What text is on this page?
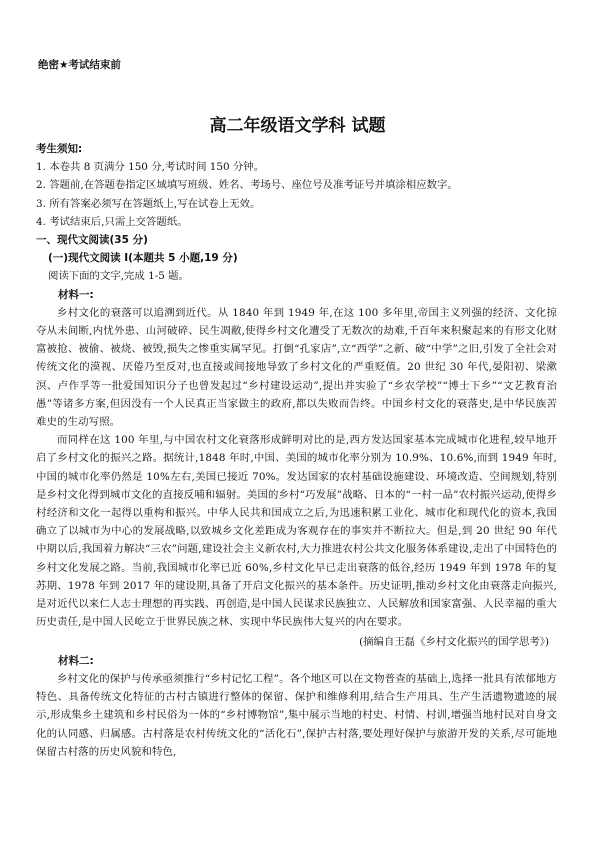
绝密★考试结束前
高二年级语文学科 试题
考生须知:
1. 本卷共 8 页满分 150 分,考试时间 150 分钟。
2. 答题前,在答题卷指定区域填写班级、姓名、考场号、座位号及准考证号并填涂相应数字。
3. 所有答案必须写在答题纸上,写在试卷上无效。
4. 考试结束后,只需上交答题纸。
一、现代文阅读(35 分)
(一)现代文阅读 I(本题共 5 小题,19 分)
阅读下面的文字,完成 1-5 题。
材料一:

乡村文化的衰落可以追溯到近代。从 1840 年到 1949 年,在这 100 多年里,帝国主义列强的经济、文化掠夺从未间断,内忧外患、山河破碎、民生凋敝,使得乡村文化遭受了无数次的劫难,千百年来积聚起来的有形文化财富被抢、被偷、被烧、被毁,损失之惨重实属罕见。打倒“孔家店”,立“西学”之新、破“中学”之旧,引发了全社会对传统文化的漠视、厌倦乃至反对,也直接或间接地导致了乡村文化的严重贬值。20 世纪 30 年代,晏阳初、梁漱溟、卢作孚等一批爱国知识分子也曾发起过“乡村建设运动”,提出并实验了“乡农学校”“博士下乡”“文艺教育治愚”等诸多方案,但因没有一个人民真正当家做主的政府,都以失败而告终。中国乡村文化的衰落史,是中华民族苦难史的生动写照。

而同样在这 100 年里,与中国农村文化衰落形成鲜明对比的是,西方发达国家基本完成城市化进程,较早地开启了乡村文化的振兴之路。据统计,1848 年时,中国、美国的城市化率分别为 10.9%、10.6%,而到 1949 年时,中国的城市化率仍然是 10%左右,美国已接近 70%。发达国家的农村基础设施建设、环境改造、空间规划,特别是乡村文化得到城市文化的直接反哺和辐射。美国的乡村“巧发展”战略、日本的“一村一品”农村振兴运动,使得乡村经济和文化一起得以重构和振兴。中华人民共和国成立之后,为迅速积累工业化、城市化和现代化的资本,我国确立了以城市为中心的发展战略,以致城乡文化差距成为客观存在的事实并不断拉大。但是,到 20 世纪 90 年代中期以后,我国着力解决“三农”问题,建设社会主义新农村,大力推进农村公共文化服务体系建设,走出了中国特色的乡村文化发展之路。当前,我国城市化率已近 60%,乡村文化早已走出衰落的低谷,经历 1949 年到 1978 年的复苏期、1978 年到 2017 年的建设期,具备了开启文化振兴的基本条件。历史证明,推动乡村文化由衰落走向振兴,是对近代以来仁人志士理想的再实践、再创造,是中国人民谋求民族独立、人民解放和国家富强、人民幸福的重大历史责任,是中国人民屹立于世界民族之林、实现中华民族伟大复兴的内在要求。

(摘编自王磊《乡村文化振兴的国学思考》)
材料二:

乡村文化的保护与传承亟须推行“乡村记忆工程”。各个地区可以在文物普查的基础上,选择一批具有浓郁地方特色、具备传统文化特征的古村古镇进行整体的保留、保护和维修利用,结合生产用具、生产生活遗物遗迹的展示,形成集乡土建筑和乡村民俗为一体的“乡村博物馆”,集中展示当地的村史、村情、村训,增强当地村民对自身文化的认同感、归属感。古村落是农村传统文化的“活化石”,保护古村落,要处理好保护与旅游开发的关系,尽可能地保留古村落的历史风貌和特色,
